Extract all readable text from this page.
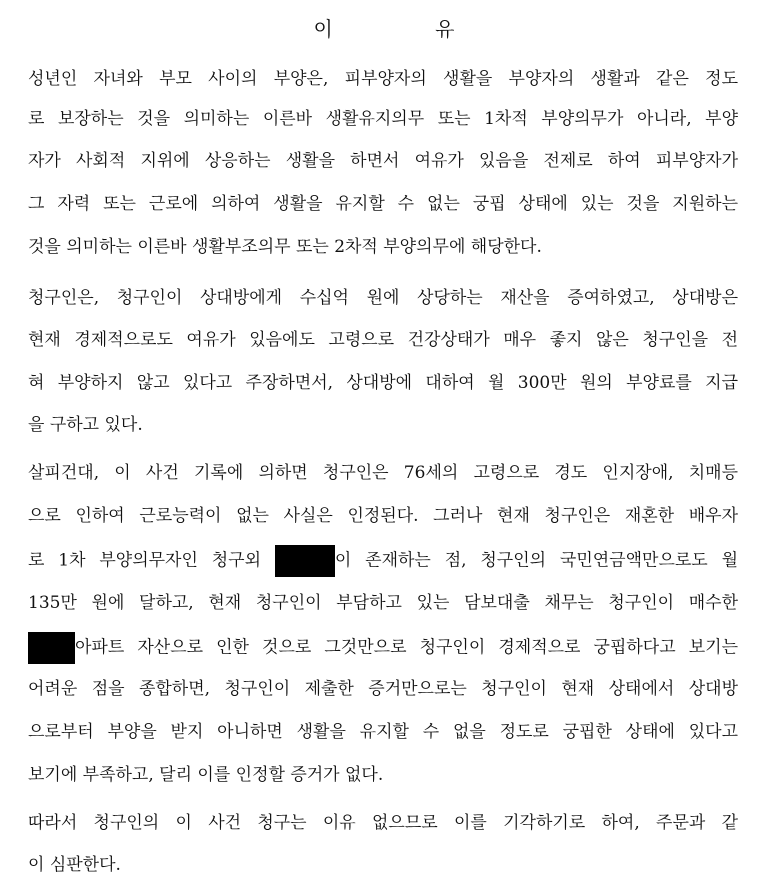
이 유
성년인 자녀와 부모 사이의 부양은, 피부양자의 생활을 부양자의 생활과 같은 정도
로 보장하는 것을 의미하는 이른바 생활유지의무 또는 1차적 부양의무가 아니라, 부양
자가 사회적 지위에 상응하는 생활을 하면서 여유가 있음을 전제로 하여 피부양자가
그 자력 또는 근로에 의하여 생활을 유지할 수 없는 궁핍 상태에 있는 것을 지원하는
것을 의미하는 이른바 생활부조의무 또는 2차적 부양의무에 해당한다.
청구인은, 청구인이 상대방에게 수십억 원에 상당하는 재산을 증여하였고, 상대방은
현재 경제적으로도 여유가 있음에도 고령으로 건강상태가 매우 좋지 않은 청구인을 전
혀 부양하지 않고 있다고 주장하면서, 상대방에 대하여 월 300만 원의 부양료를 지급
을 구하고 있다.
살피건대, 이 사건 기록에 의하면 청구인은 76세의 고령으로 경도 인지장애, 치매등
으로 인하여 근로능력이 없는 사실은 인정된다. 그러나 현재 청구인은 재혼한 배우자
로 1차 부양의무자인 청구외	이 존재하는 점, 청구인의 국민연금액만으로도 월
135만 원에 달하고, 현재 청구인이 부담하고 있는 담보대출 채무는 청구인이 매수한
아파트 자산으로 인한 것으로 그것만으로 청구인이 경제적으로 궁핍하다고 보기는
어려운 점을 종합하면, 청구인이 제출한 증거만으로는 청구인이 현재 상태에서 상대방
으로부터 부양을 받지 아니하면 생활을 유지할 수 없을 정도로 궁핍한 상태에 있다고
보기에 부족하고, 달리 이를 인정할 증거가 없다.
따라서 청구인의 이 사건 청구는 이유 없으므로 이를 기각하기로 하여, 주문과 같
이 심판한다.
